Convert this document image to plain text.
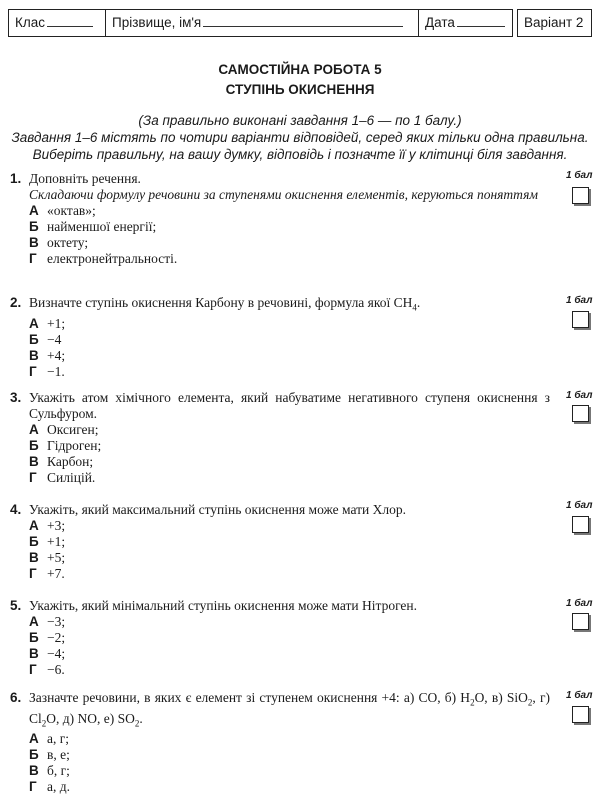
Клас	Прізвище, ім'я	Дата	Варіант 2
САМОСТІЙНА РОБОТА 5
СТУПІНЬ ОКИСНЕННЯ
(За правильно виконані завдання 1–6 — по 1 балу.)
Завдання 1–6 містять по чотири варіанти відповідей, серед яких тільки одна правильна.
Виберіть правильну, на вашу думку, відповідь і позначте її у клітинці біля завдання.
1. Доповніть речення.
Складаючи формулу речовини за ступенями окиснення елементів, керуються поняттям
А «октав»;
Б найменшої енергії;
В октету;
Г електронейтральності.
1 бал
2. Визначте ступінь окиснення Карбону в речовині, формула якої $CH_4$.
А +1;
Б −4
В +4;
Г −1.
1 бал
3. Укажіть атом хімічного елемента, який набуватиме негативного ступеня окиснення з Сульфуром.
А Оксиген;
Б Гідроген;
В Карбон;
Г Силіцій.
1 бал
4. Укажіть, який максимальний ступінь окиснення може мати Хлор.
А +3;
Б +1;
В +5;
Г +7.
1 бал
5. Укажіть, який мінімальний ступінь окиснення може мати Нітроген.
А −3;
Б −2;
В −4;
Г −6.
1 бал
6. Зазначте речовини, в яких є елемент зі ступенем окиснення +4: а) CO, б) $H_2O$, в) SiO$_2$, г) $Cl_2O$, д) NO, е) $SO_2$.
А а, г;
Б в, е;
В б, г;
Г а, д.
1 бал
